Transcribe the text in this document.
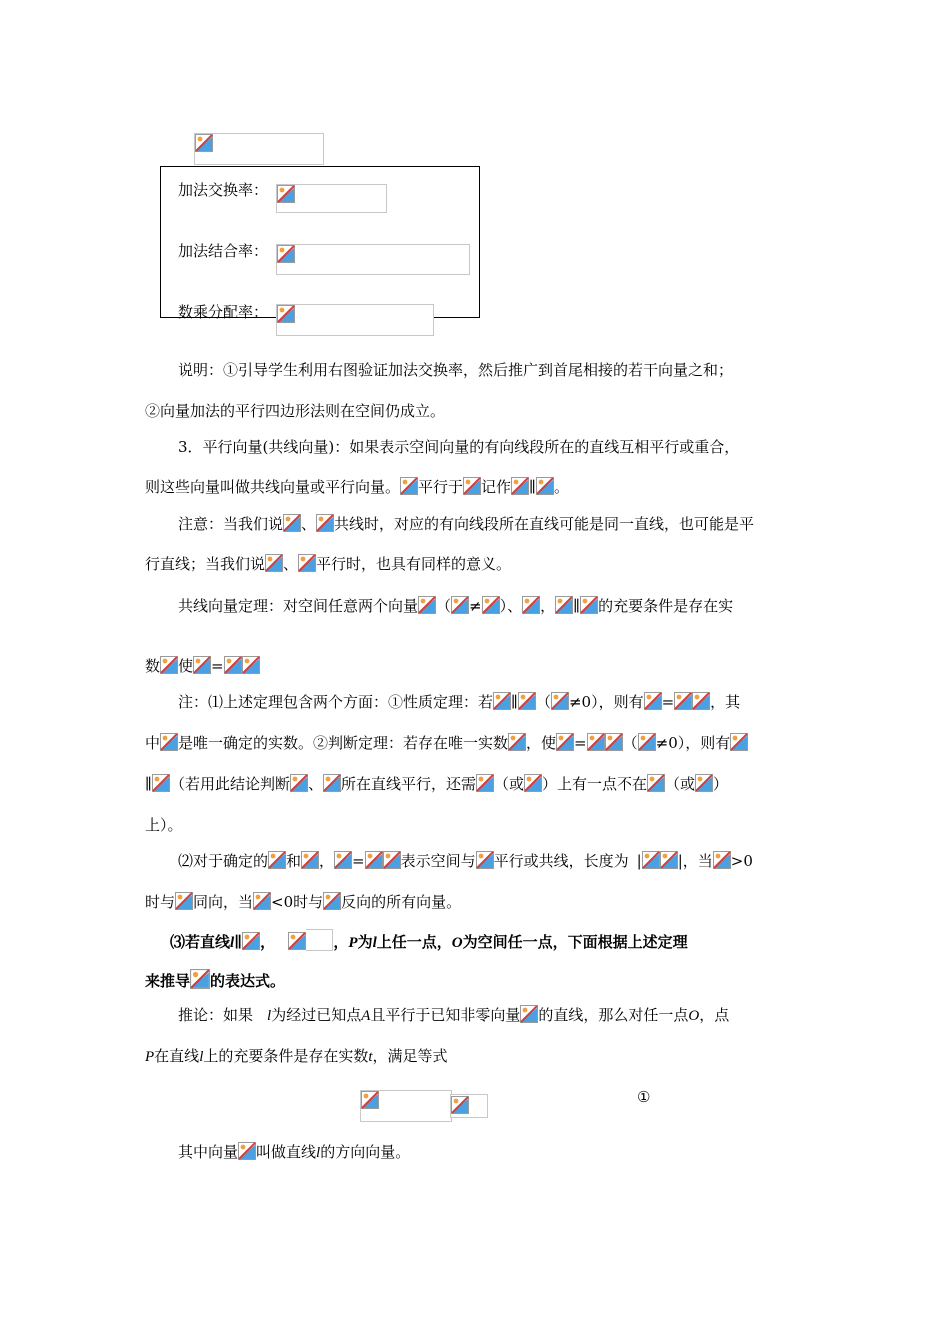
加法交换率：
加法结合率：
数乘分配率：
说明：①引导学生利用右图验证加法交换率，然后推广到首尾相接的若干向量之和；
②向量加法的平行四边形法则在空间仍成立。
3．平行向量(共线向量)：如果表示空间向量的有向线段所在的直线互相平行或重合，
则这些向量叫做共线向量或平行向量。 平行于 记作 ∥ 。
注意：当我们说 、 共线时，对应的有向线段所在直线可能是同一直线，也可能是平
行直线；当我们说 、 平行时，也具有同样的意义。
共线向量定理：对空间任意两个向量 （ ≠ ）、 ， ∥ 的充要条件是存在实
数 使 =
注：⑴上述定理包含两个方面：①性质定理：若 ∥ （ ≠0），则有 = ，其
中 是唯一确定的实数。②判断定理：若存在唯一实数 ，使 = （ ≠0），则有
∥ （若用此结论判断 、 所在直线平行，还需 （或 ）上有一点不在 （或 ）
上）。
⑵对于确定的 和 ， = 表示空间与 平行或共线，长度为 | |，当 >0
时与 同向，当 <0时与 反向的所有向量。
⑶若直线l∥ ，	，P为l上任一点，O为空间任一点，下面根据上述定理
来推导 的表达式。
推论：如果 l为经过已知点A且平行于已知非零向量 的直线，那么对任一点O，点
P在直线l上的充要条件是存在实数t，满足等式
①
其中向量 叫做直线l的方向向量。
